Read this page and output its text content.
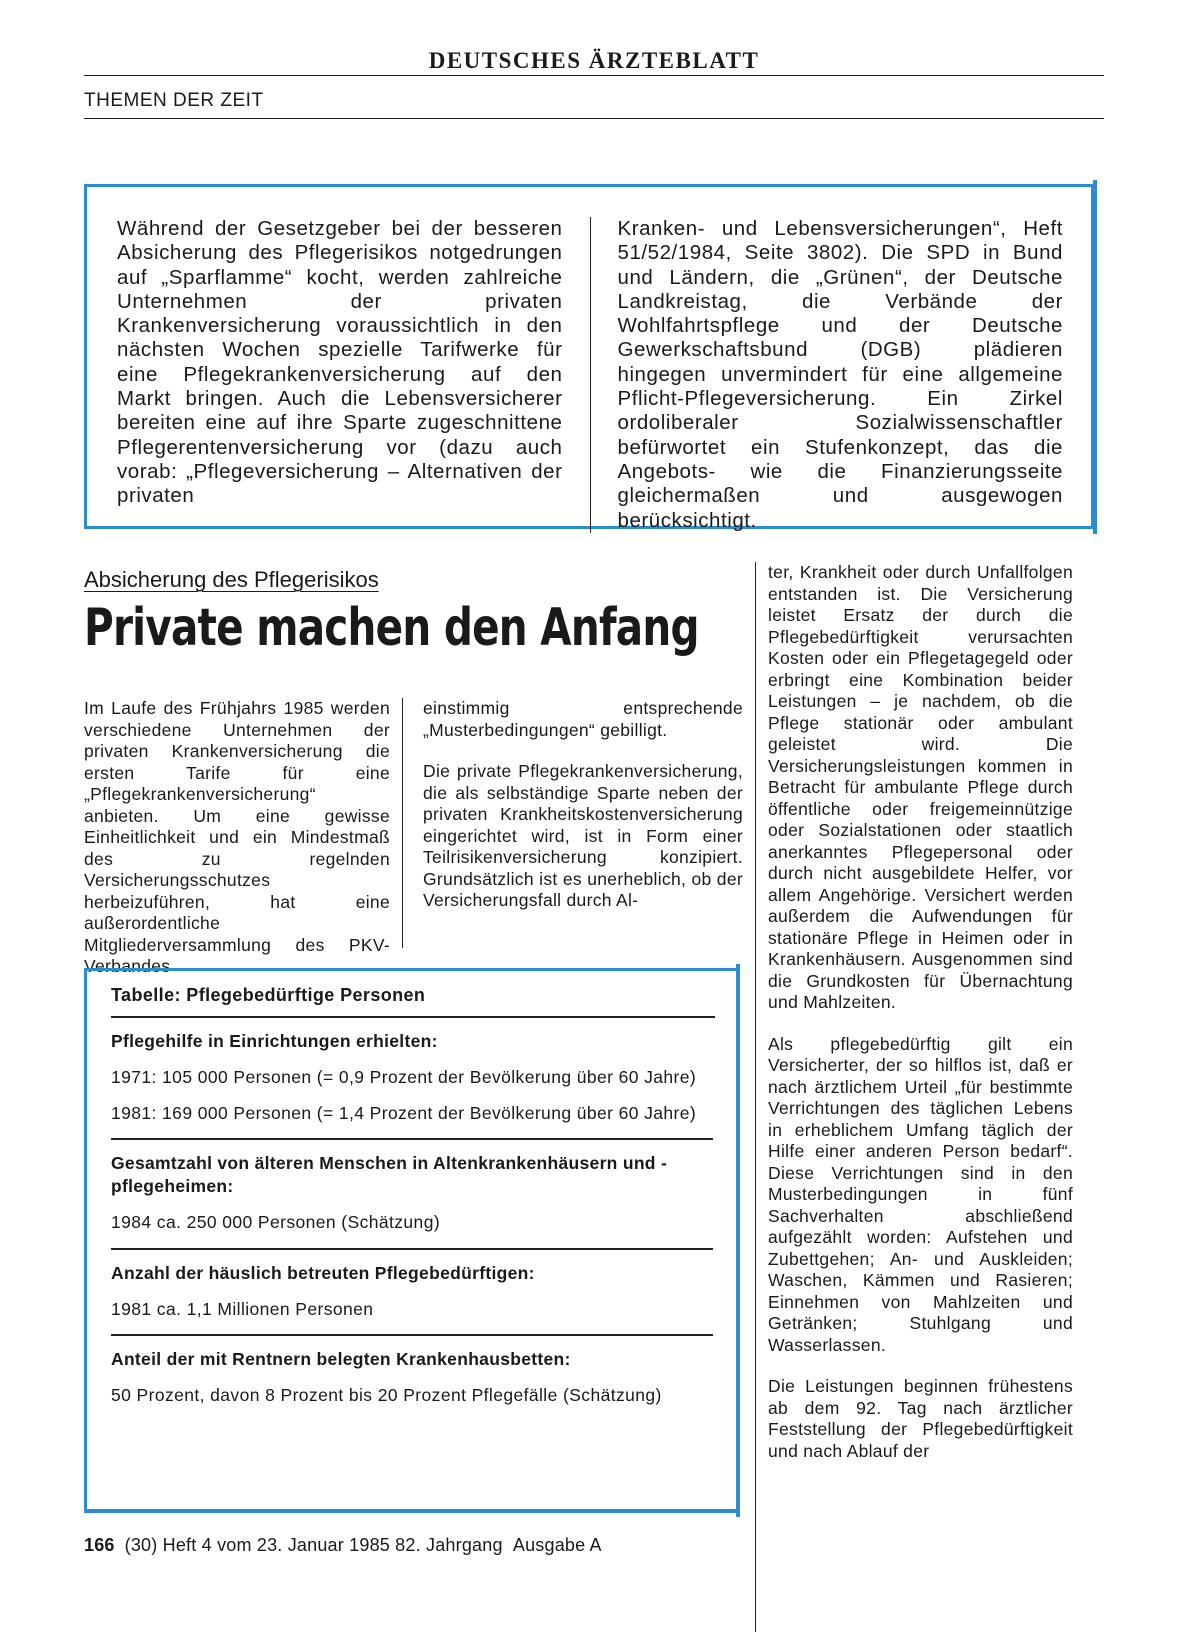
DEUTSCHES ÄRZTEBLATT
THEMEN DER ZEIT
Während der Gesetzgeber bei der besseren Absicherung des Pflegerisikos notgedrungen auf „Sparflamme“ kocht, werden zahlreiche Unternehmen der privaten Krankenversicherung voraussichtlich in den nächsten Wochen spezielle Tarifwerke für eine Pflegekrankenversicherung auf den Markt bringen. Auch die Lebensversicherer bereiten eine auf ihre Sparte zugeschnittene Pflegerentenversicherung vor (dazu auch vorab: „Pflegeversicherung – Alternativen der privaten
Kranken- und Lebensversicherungen“, Heft 51/52/1984, Seite 3802). Die SPD in Bund und Ländern, die „Grünen“, der Deutsche Landkreistag, die Verbände der Wohlfahrtspflege und der Deutsche Gewerkschaftsbund (DGB) plädieren hingegen unvermindert für eine allgemeine Pflicht-Pflegeversicherung. Ein Zirkel ordoliberaler Sozialwissenschaftler befürwortet ein Stufenkonzept, das die Angebots- wie die Finanzierungsseite gleichermaßen und ausgewogen berücksichtigt.
Absicherung des Pflegerisikos
Private machen den Anfang

Im Laufe des Frühjahrs 1985 werden verschiedene Unternehmen der privaten Krankenversicherung die ersten Tarife für eine „Pflegekrankenversicherung“ anbieten. Um eine gewisse Einheitlichkeit und ein Mindestmaß des zu regelnden Versicherungsschutzes herbeizuführen, hat eine außerordentliche Mitgliederversammlung des PKV-Verbandes

einstimmig entsprechende „Musterbedingungen“ gebilligt.

Die private Pflegekrankenversicherung, die als selbständige Sparte neben der privaten Krankheitskostenversicherung eingerichtet wird, ist in Form einer Teilrisikenversicherung konzipiert. Grundsätzlich ist es unerheblich, ob der Versicherungsfall durch Al-

ter, Krankheit oder durch Unfallfolgen entstanden ist. Die Versicherung leistet Ersatz der durch die Pflegebedürftigkeit verursachten Kosten oder ein Pflegetagegeld oder erbringt eine Kombination beider Leistungen – je nachdem, ob die Pflege stationär oder ambulant geleistet wird. Die Versicherungsleistungen kommen in Betracht für ambulante Pflege durch öffentliche oder freigemeinnützige oder Sozialstationen oder staatlich anerkanntes Pflegepersonal oder durch nicht ausgebildete Helfer, vor allem Angehörige. Versichert werden außerdem die Aufwendungen für stationäre Pflege in Heimen oder in Krankenhäusern. Ausgenommen sind die Grundkosten für Übernachtung und Mahlzeiten.

Als pflegebedürftig gilt ein Versicherter, der so hilflos ist, daß er nach ärztlichem Urteil „für bestimmte Verrichtungen des täglichen Lebens in erheblichem Umfang täglich der Hilfe einer anderen Person bedarf“. Diese Verrichtungen sind in den Musterbedingungen in fünf Sachverhalten abschließend aufgezählt worden: Aufstehen und Zubettgehen; An- und Auskleiden; Waschen, Kämmen und Rasieren; Einnehmen von Mahlzeiten und Getränken; Stuhlgang und Wasserlassen.

Die Leistungen beginnen frühestens ab dem 92. Tag nach ärztlicher Feststellung der Pflegebedürftigkeit und nach Ablauf der

Tabelle: Pflegebedürftige Personen
Pflegehilfe in Einrichtungen erhielten:
1971: 105 000 Personen (= 0,9 Prozent der Bevölkerung über 60 Jahre)
1981: 169 000 Personen (= 1,4 Prozent der Bevölkerung über 60 Jahre)
Gesamtzahl von älteren Menschen in Altenkrankenhäusern und -pflegeheimen:
1984 ca. 250 000 Personen (Schätzung)
Anzahl der häuslich betreuten Pflegebedürftigen:
1981 ca. 1,1 Millionen Personen
Anteil der mit Rentnern belegten Krankenhausbetten:
50 Prozent, davon 8 Prozent bis 20 Prozent Pflegefälle (Schätzung)
166 (30) Heft 4 vom 23. Januar 1985 82. Jahrgang Ausgabe A
